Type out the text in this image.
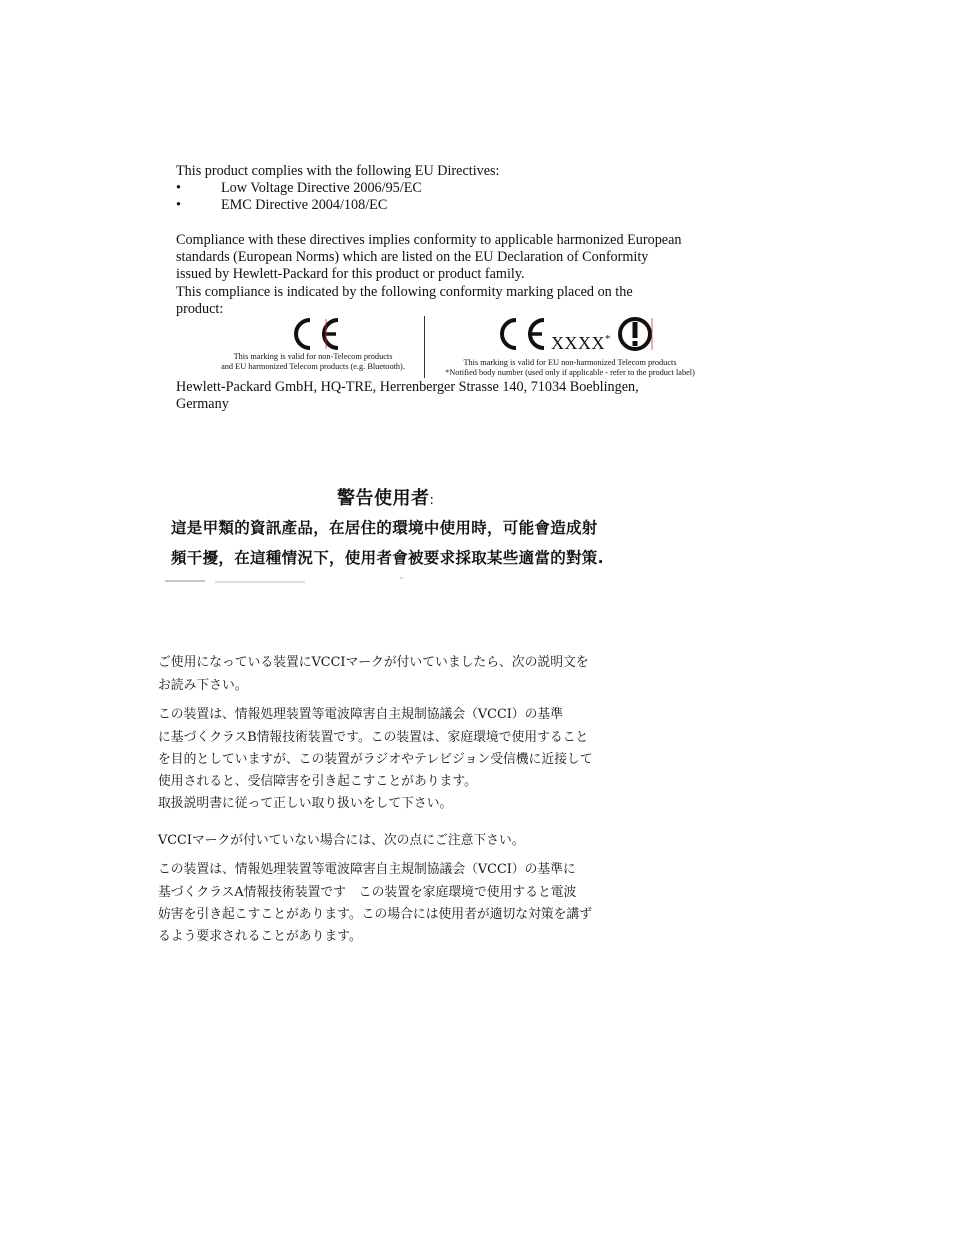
This product complies with the following EU Directives:
•	Low Voltage Directive 2006/95/EC
•	EMC Directive 2004/108/EC
Compliance with these directives implies conformity to applicable harmonized European
standards (European Norms) which are listed on the EU Declaration of Conformity
issued by Hewlett-Packard for this product or product family.
This compliance is indicated by the following conformity marking placed on the
product:
This marking is valid for non-Telecom products
and EU harmonized Telecom products (e.g. Bluetooth).
XXXX*
This marking is valid for EU non-harmonized Telecom products
*Notified body number (used only if applicable - refer to the product label)
Hewlett-Packard GmbH, HQ-TRE, Herrenberger Strasse 140, 71034 Boeblingen,
Germany
警告使用者:
這是甲類的資訊產品，在居住的環境中使用時，可能會造成射
頻干擾，在這種情況下，使用者會被要求採取某些適當的對策.
ご使用になっている装置にVCCIマークが付いていましたら、次の説明文を
お読み下さい。
この装置は、情報処理装置等電波障害自主規制協議会（VCCI）の基準
に基づくクラスB情報技術装置です。この装置は、家庭環境で使用すること
を目的としていますが、この装置がラジオやテレビジョン受信機に近接して
使用されると、受信障害を引き起こすことがあります。
取扱説明書に従って正しい取り扱いをして下さい。
VCCIマークが付いていない場合には、次の点にご注意下さい。
この装置は、情報処理装置等電波障害自主規制協議会（VCCI）の基準に
基づくクラスA情報技術装置です　この装置を家庭環境で使用すると電波
妨害を引き起こすことがあります。この場合には使用者が適切な対策を講ず
るよう要求されることがあります。
